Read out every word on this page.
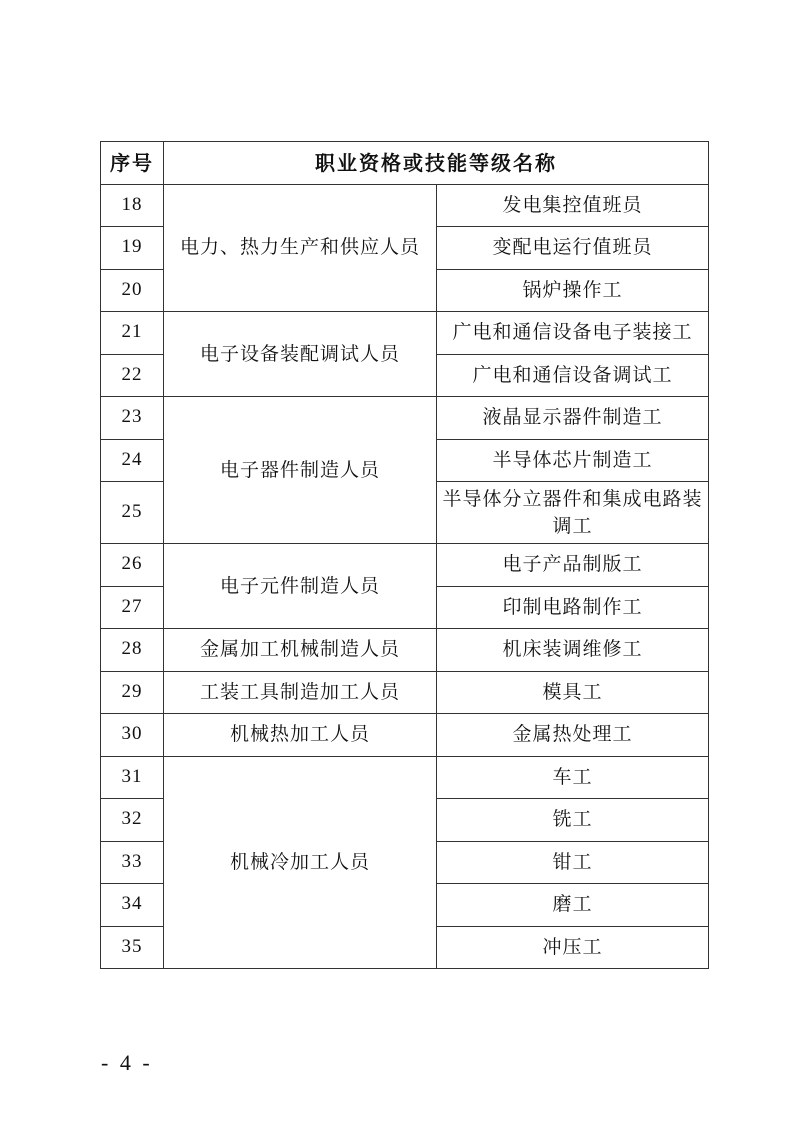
序号	职业资格或技能等级名称	
18	电力、热力生产和供应人员	发电集控值班员
19		变配电运行值班员
20		锅炉操作工
21	电子设备装配调试人员	广电和通信设备电子装接工
22		广电和通信设备调试工
23	电子器件制造人员	液晶显示器件制造工
24		半导体芯片制造工
25		半导体分立器件和集成电路装调工
26	电子元件制造人员	电子产品制版工
27		印制电路制作工
28	金属加工机械制造人员	机床装调维修工
29	工装工具制造加工人员	模具工
30	机械热加工人员	金属热处理工
31	机械冷加工人员	车工
32		铣工
33		钳工
34		磨工
35		冲压工
- 4 -
